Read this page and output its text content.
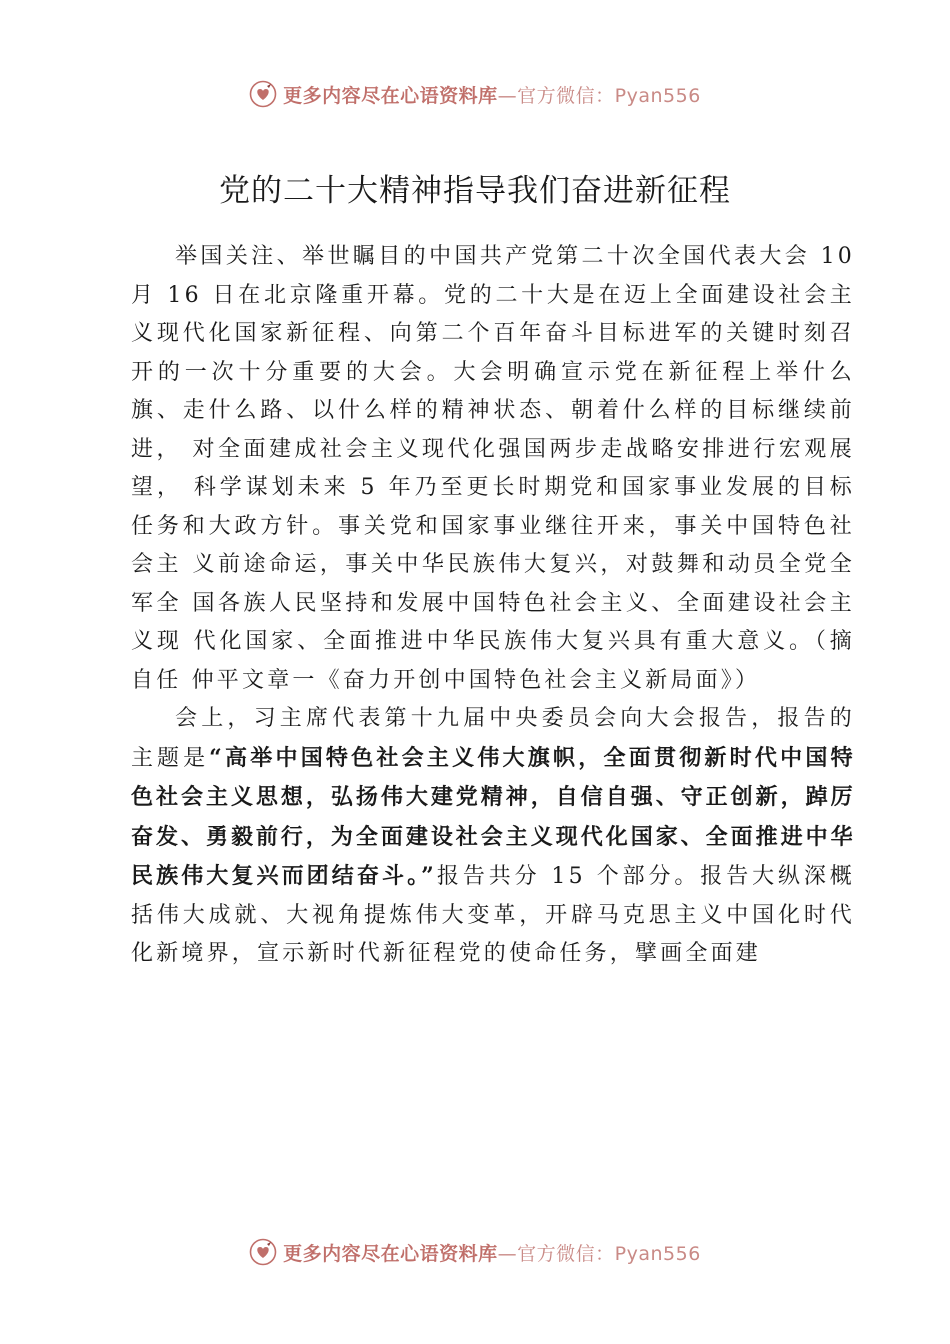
更多内容尽在心语资料库—官方微信：Pyan556
党的二十大精神指导我们奋进新征程

举国关注、举世瞩目的中国共产党第二十次全国代表大会 10 月 16 日在北京隆重开幕。党的二十大是在迈上全面建设社会主义现代化国家新征程、向第二个百年奋斗目标进军的关键时刻召 开的一次十分重要的大会。大会明确宣示党在新征程上举什么旗、走什么路、以什么样的精神状态、朝着什么样的目标继续前进， 对全面建成社会主义现代化强国两步走战略安排进行宏观展望， 科学谋划未来 5 年乃至更长时期党和国家事业发展的目标任务和大政方针。事关党和国家事业继往开来，事关中国特色社会主 义前途命运，事关中华民族伟大复兴，对鼓舞和动员全党全军全 国各族人民坚持和发展中国特色社会主义、全面建设社会主义现 代化国家、全面推进中华民族伟大复兴具有重大意义。（摘自任 仲平文章一《奋力开创中国特色社会主义新局面》）

会上，习主席代表第十九届中央委员会向大会报告，报告的主题是“高举中国特色社会主义伟大旗帜，全面贯彻新时代中国特色社会主义思想，弘扬伟大建党精神，自信自强、守正创新，踔厉奋发、勇毅前行，为全面建设社会主义现代化国家、全面推进中华民族伟大复兴而团结奋斗。”报告共分 15 个部分。报告大纵深概括伟大成就、大视角提炼伟大变革，开辟马克思主义中国化时代化新境界，宣示新时代新征程党的使命任务，擘画全面建

更多内容尽在心语资料库—官方微信：Pyan556
